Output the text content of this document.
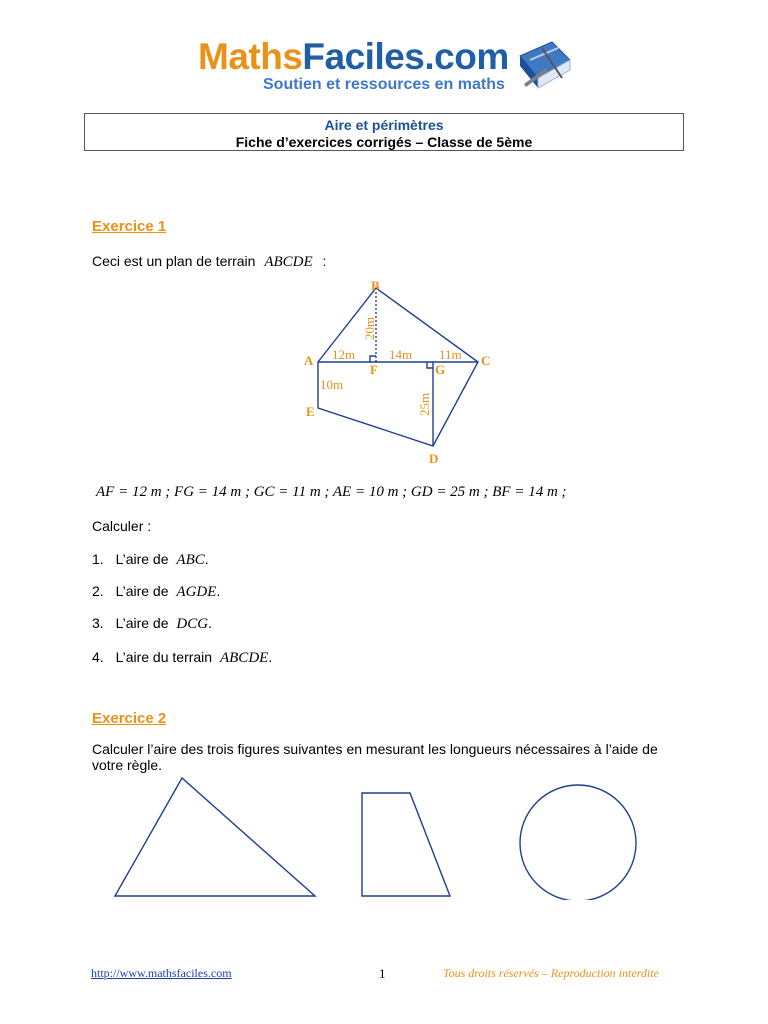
MathsFaciles.com
Soutien et ressources en maths
Aire et périmètres
Fiche d’exercices corrigés – Classe de 5ème
Exercice 1
Ceci est un plan de terrain ABCDE :
B
A	C
D
E
F	G
12m	14m 11m
10m
20m
25m
AF = 12 m ; FG = 14 m ; GC = 11 m ; AE = 10 m ; GD = 25 m ; BF = 14 m ;
Calculer :
1. L’aire de ABC.
2. L’aire de AGDE.
3. L’aire de DCG.
4. L’aire du terrain ABCDE.
Exercice 2
Calculer l’aire des trois figures suivantes en mesurant les longueurs nécessaires à l’aide de
votre règle.
http://www.mathsfaciles.com	1	Tous droits réservés – Reproduction interdite
